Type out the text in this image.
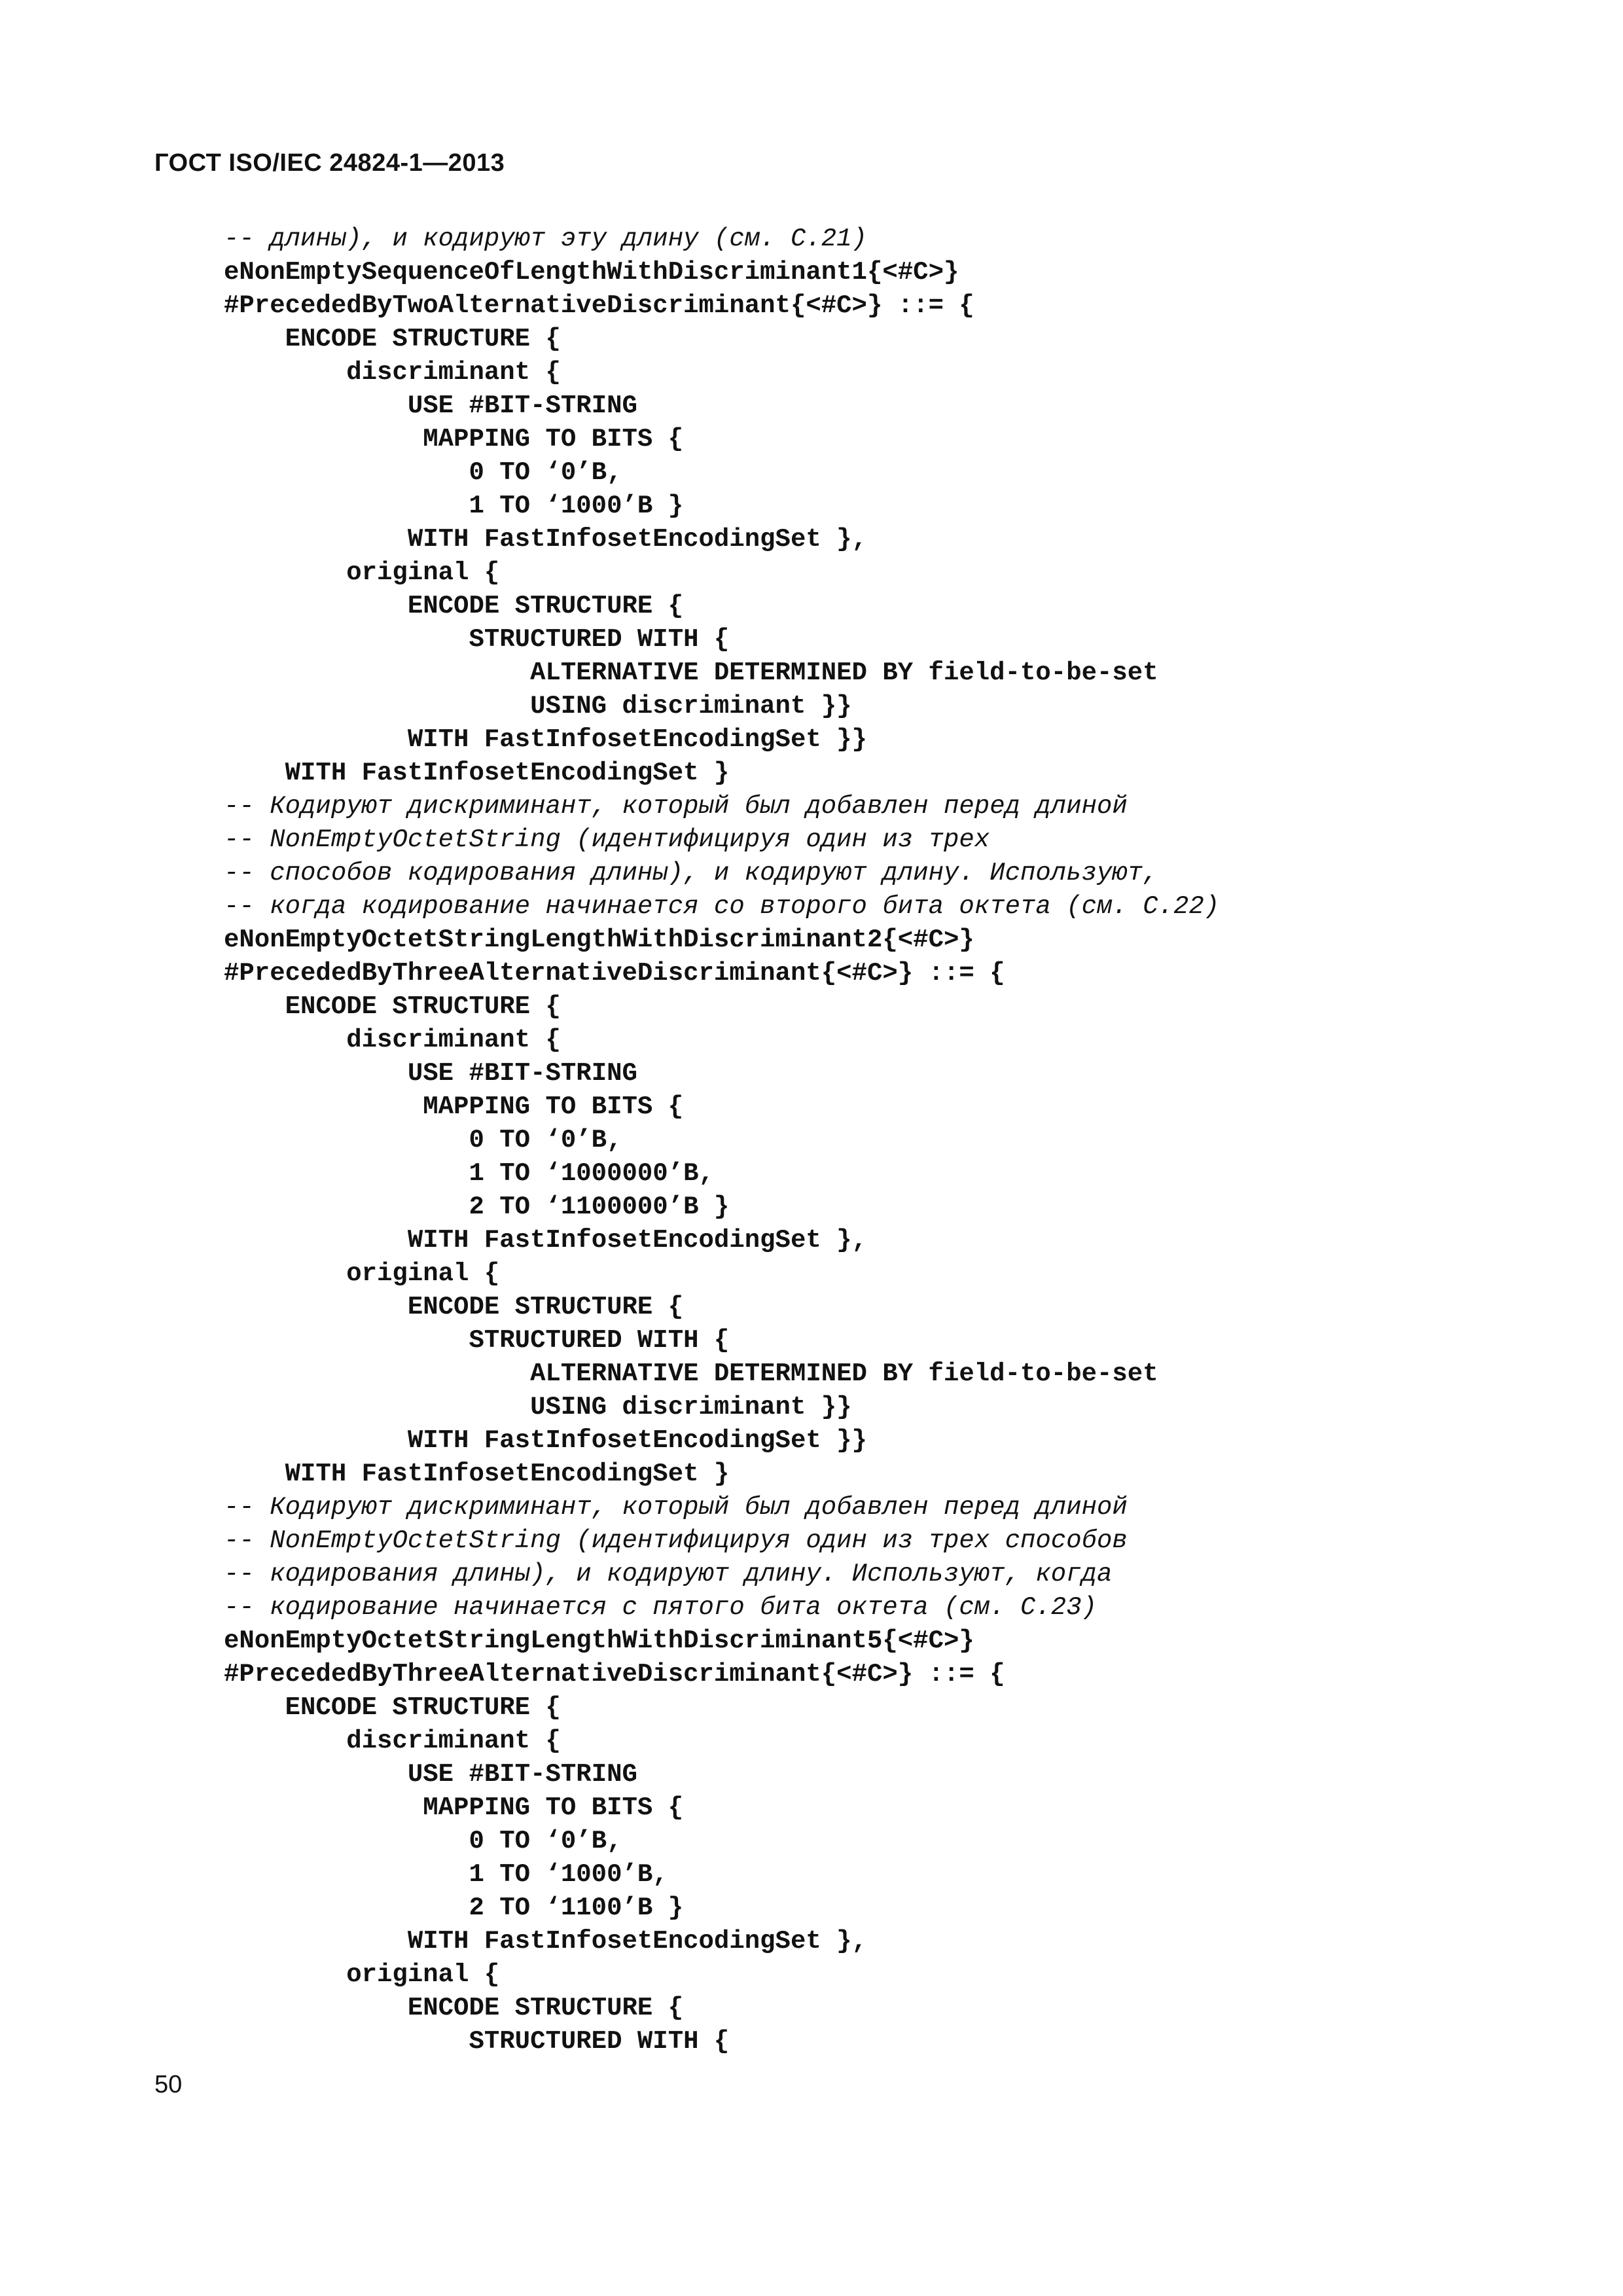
ГОСТ ISO/IEC 24824-1—2013
-- длины), и кодируют эту длину (см. С.21)
eNonEmptySequenceOfLengthWithDiscriminant1{<#C>}
#PrecededByTwoAlternativeDiscriminant{<#C>} ::= {
ENCODE STRUCTURE {
discriminant {
USE #BIT-STRING
MAPPING TO BITS {
0 TO ‘0’B,
1 TO ‘1000’B }
WITH FastInfosetEncodingSet },
original {
ENCODE STRUCTURE {
STRUCTURED WITH {
ALTERNATIVE DETERMINED BY field-to-be-set
USING discriminant }}
WITH FastInfosetEncodingSet }}
WITH FastInfosetEncodingSet }
-- Кодируют дискриминант, который был добавлен перед длиной
-- NonEmptyOctetString (идентифицируя один из трех
-- способов кодирования длины), и кодируют длину. Используют,
-- когда кодирование начинается со второго бита октета (см. С.22)
eNonEmptyOctetStringLengthWithDiscriminant2{<#C>}
#PrecededByThreeAlternativeDiscriminant{<#C>} ::= {
ENCODE STRUCTURE {
discriminant {
USE #BIT-STRING
MAPPING TO BITS {
0 TO ‘0’B,
1 TO ‘1000000’B,
2 TO ‘1100000’B }
WITH FastInfosetEncodingSet },
original {
ENCODE STRUCTURE {
STRUCTURED WITH {
ALTERNATIVE DETERMINED BY field-to-be-set
USING discriminant }}
WITH FastInfosetEncodingSet }}
WITH FastInfosetEncodingSet }
-- Кодируют дискриминант, который был добавлен перед длиной
-- NonEmptyOctetString (идентифицируя один из трех способов
-- кодирования длины), и кодируют длину. Используют, когда
-- кодирование начинается с пятого бита октета (см. С.23)
eNonEmptyOctetStringLengthWithDiscriminant5{<#C>}
#PrecededByThreeAlternativeDiscriminant{<#C>} ::= {
ENCODE STRUCTURE {
discriminant {
USE #BIT-STRING
MAPPING TO BITS {
0 TO ‘0’B,
1 TO ‘1000’B,
2 TO ‘1100’B }
WITH FastInfosetEncodingSet },
original {
ENCODE STRUCTURE {
STRUCTURED WITH {
50
